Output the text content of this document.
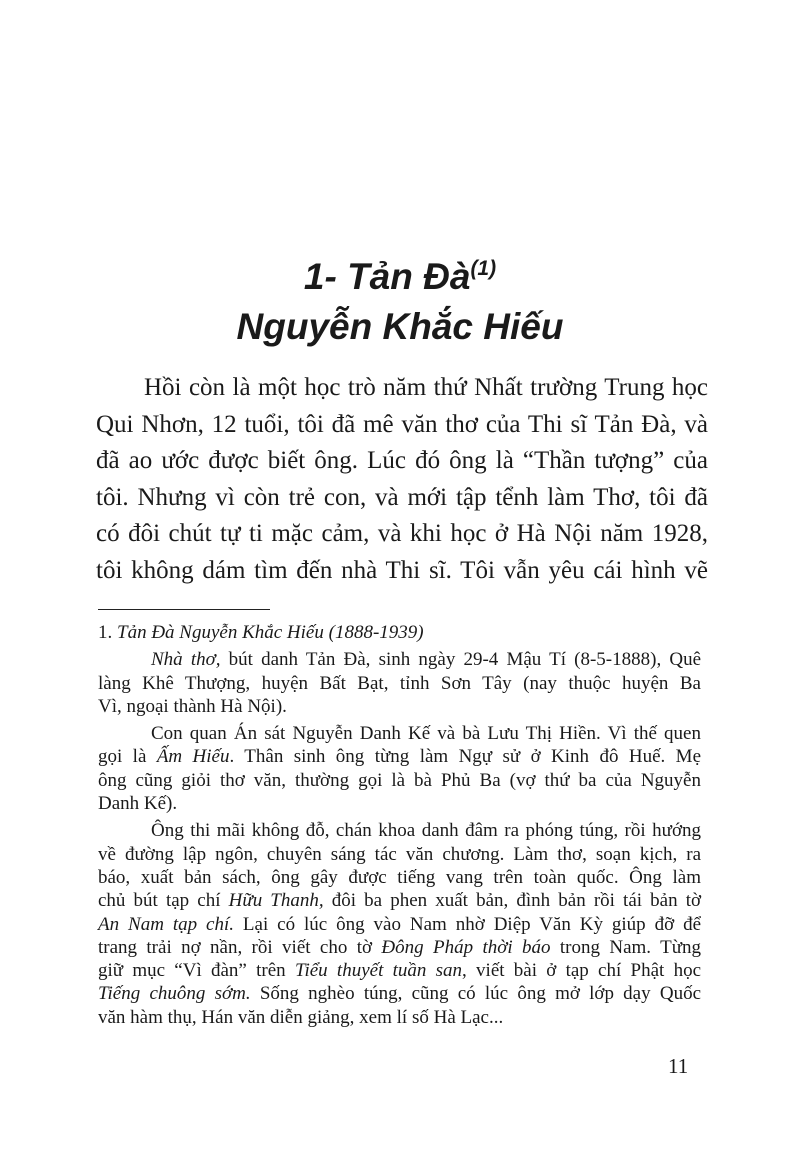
1- Tản $Đà^{(1)}$
Nguyễn Khắc Hiếu

Hồi còn là một học trò năm thứ Nhất trường Trung học
Qui Nhơn, 12 tuổi, tôi đã mê văn thơ của Thi sĩ Tản Đà, và
đã ao ước được biết ông. Lúc đó ông là “Thần tượng” của
tôi. Nhưng vì còn trẻ con, và mới tập tểnh làm Thơ, tôi đã
có đôi chút tự ti mặc cảm, và khi học ở Hà Nội năm 1928,
tôi không dám tìm đến nhà Thi sĩ. Tôi vẫn yêu cái hình vẽ

1. Tản Đà Nguyễn Khắc Hiếu (1888-1939)
Nhà thơ, bút danh Tản Đà, sinh ngày 29-4 Mậu Tí (8-5-1888), Quê
làng Khê Thượng, huyện Bất Bạt, tỉnh Sơn Tây (nay thuộc huyện Ba
Vì, ngoại thành Hà Nội).
Con quan Án sát Nguyễn Danh Kế và bà Lưu Thị Hiền. Vì thế quen
gọi là Ấm Hiếu. Thân sinh ông từng làm Ngự sử ở Kinh đô Huế. Mẹ
ông cũng giỏi thơ văn, thường gọi là bà Phủ Ba (vợ thứ ba của Nguyễn
Danh Kế).
Ông thi mãi không đỗ, chán khoa danh đâm ra phóng túng, rồi hướng
về đường lập ngôn, chuyên sáng tác văn chương. Làm thơ, soạn kịch, ra
báo, xuất bản sách, ông gây được tiếng vang trên toàn quốc. Ông làm
chủ bút tạp chí Hữu Thanh, đôi ba phen xuất bản, đình bản rồi tái bản tờ
An Nam tạp chí. Lại có lúc ông vào Nam nhờ Diệp Văn Kỳ giúp đỡ để
trang trải nợ nần, rồi viết cho tờ Đông Pháp thời báo trong Nam. Từng
giữ mục “Vì đàn” trên Tiểu thuyết tuần san, viết bài ở tạp chí Phật học
Tiếng chuông sớm. Sống nghèo túng, cũng có lúc ông mở lớp dạy Quốc
văn hàm thụ, Hán văn diễn giảng, xem lí số Hà Lạc...
11
